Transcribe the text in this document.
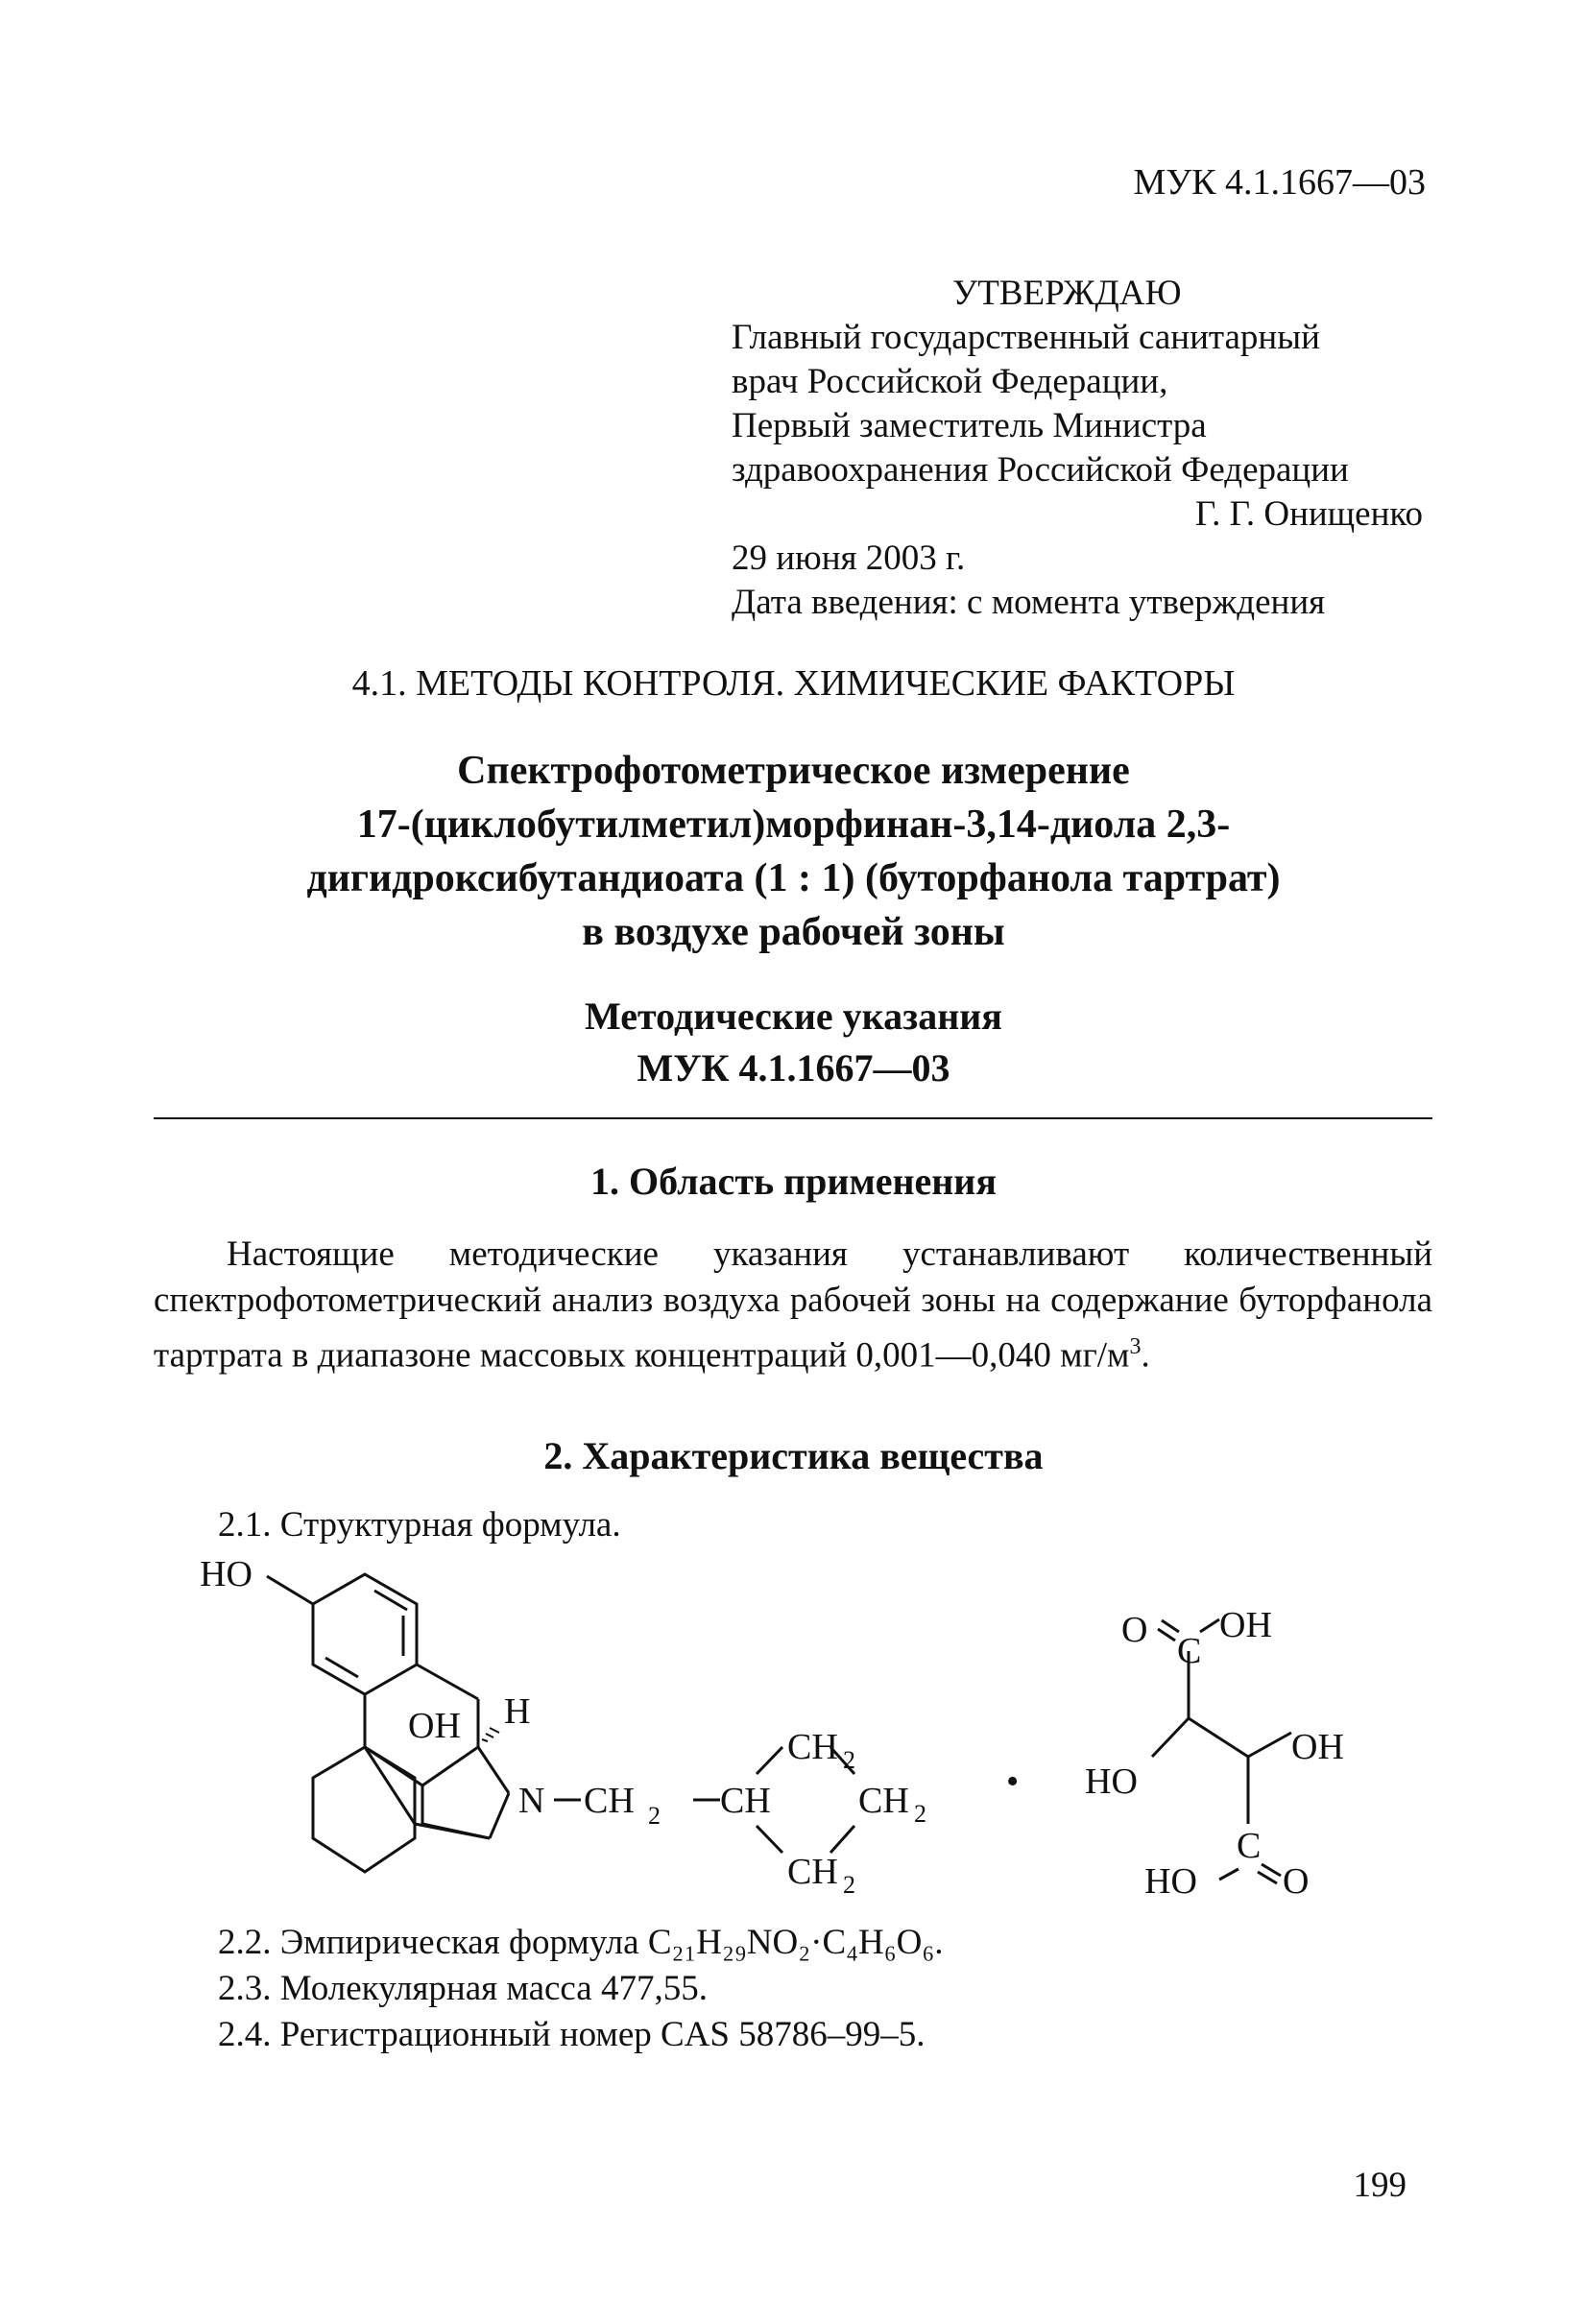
МУК 4.1.1667—03
УТВЕРЖДАЮ
Главный государственный санитарный
врач Российской Федерации,
Первый заместитель Министра
здравоохранения Российской Федерации
Г. Г. Онищенко
29 июня 2003 г.
Дата введения: с момента утверждения
4.1. МЕТОДЫ КОНТРОЛЯ. ХИМИЧЕСКИЕ ФАКТОРЫ
Спектрофотометрическое измерение
17-(циклобутилметил)морфинан-3,14-диола 2,3-
дигидроксибутандиоата (1 : 1) (буторфанола тартрат)
в воздухе рабочей зоны
Методические указания
МУК 4.1.1667—03
1. Область применения
Настоящие методические указания устанавливают количественный спектрофотометрический анализ воздуха рабочей зоны на содержание буторфанола тартрата в диапазоне массовых концентраций 0,001—0,040 $мг/м^3$.
2. Характеристика вещества
2.1. Структурная формула.
HO
OH H
N CH 2 CH
CH 2
CH 2
CH 2
•
O
C
OH
HO
OH
C
HO O
2.2. Эмпирическая формула C₂₁H₂₉NO₂·C₄H₆O₆.
2.3. Молекулярная масса 477,55.
2.4. Регистрационный номер CAS 58786–99–5.
199
